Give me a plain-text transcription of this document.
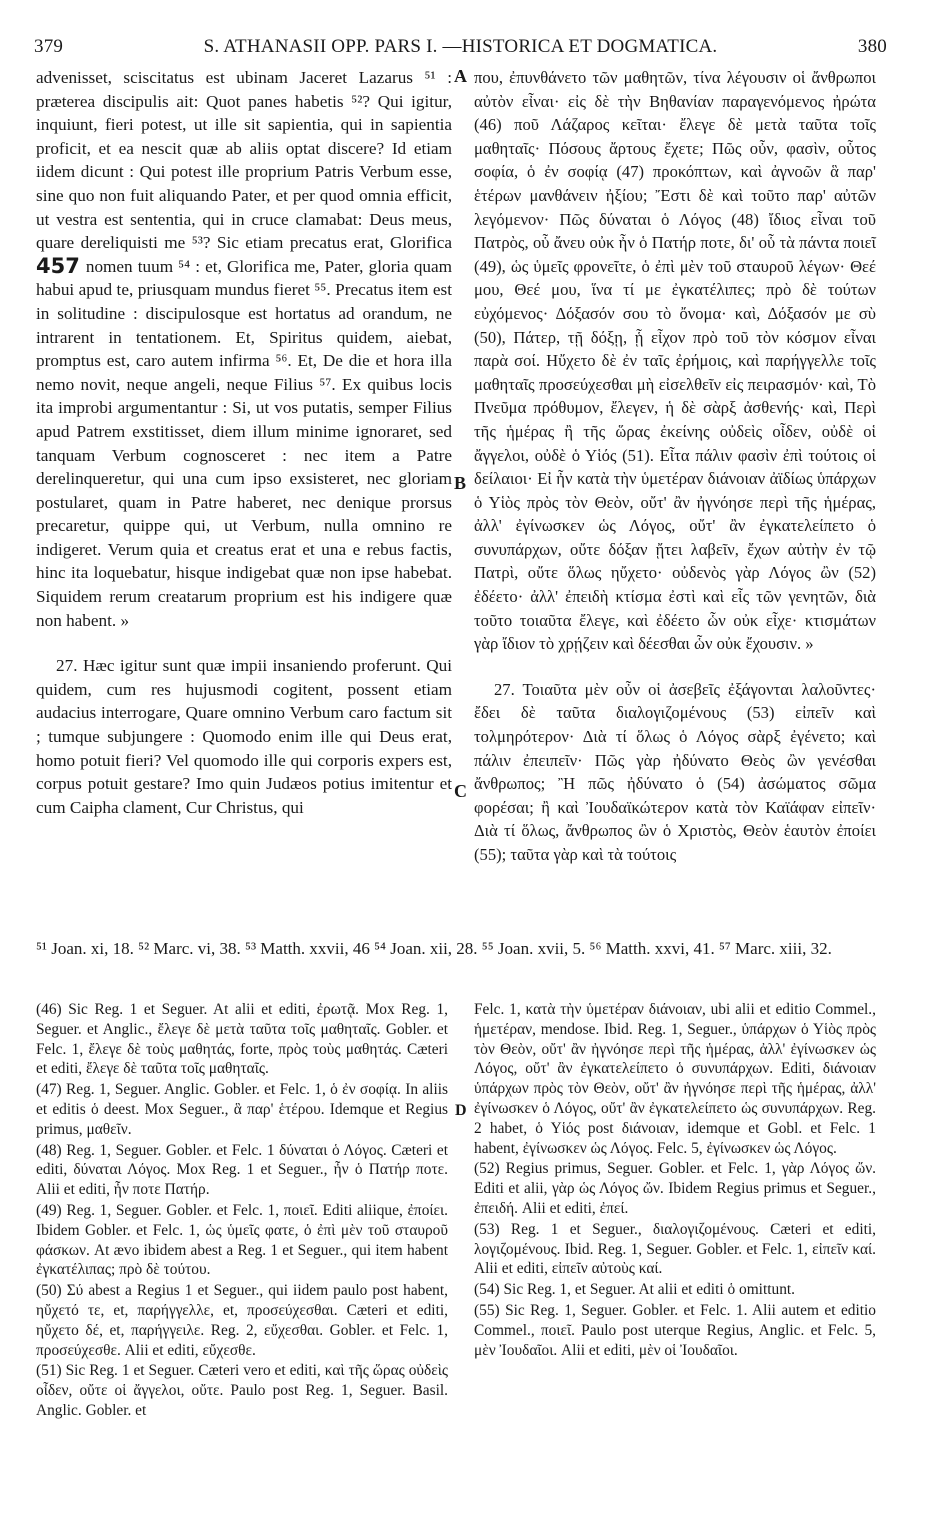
379	S. ATHANASII OPP. PARS I. —HISTORICA ET DOGMATICA.	380

advenisset, sciscitatus est ubinam Jaceret Lazarus ⁵¹ : præterea discipulis ait: Quot panes habetis ⁵²? Qui igitur, inquiunt, fieri potest, ut ille sit sapientia, qui in sapientia proficit, et ea nescit quæ ab aliis optat discere? Id etiam iidem dicunt : Qui potest ille proprium Patris Verbum esse, sine quo non fuit aliquando Pater, et per quod omnia efficit, ut vestra est sententia, qui in cruce clamabat: Deus meus, quare dereliquisti me ⁵³? Sic etiam precatus erat, Glorifica nomen tuum ⁵⁴ : et, Glorifica me, Pater,
457	gloria quam habui apud te, priusquam mundus fieret ⁵⁵. Precatus item est in solitudine : discipulosque est hortatus ad orandum, ne intrarent in tentationem. Et, Spiritus quidem, aiebat, promptus est, caro autem infirma ⁵⁶. Et, De die et hora illa nemo novit, neque angeli, neque Filius ⁵⁷. Ex quibus locis ita improbi argumentantur : Si, ut vos putatis, semper Filius apud Patrem exstitisset, diem illum minime ignoraret, sed tanquam Verbum cognosceret : nec item a Patre derelinqueretur, qui una cum ipso exsisteret, nec gloriam postularet, quam in Patre haberet, nec denique prorsus precaretur, quippe qui, ut Verbum, nulla omnino re indigeret. Verum quia et creatus erat et una e rebus factis, hinc ita loquebatur, hisque indigebat quæ non ipse habebat. Siquidem rerum creatarum proprium est his indigere quæ non habent. »

27. Hæc igitur sunt quæ impii insaniendo proferunt. Qui quidem, cum res hujusmodi cogitent, possent etiam audacius interrogare, Quare omnino Verbum caro factum sit ; tumque subjungere : Quomodo enim ille qui Deus erat, homo potuit fieri? Vel quomodo ille qui corporis expers est, corpus potuit gestare? Imo quin Judæos potius imitentur et cum Caipha clament, Cur Christus, qui

A
B
C
D

που, ἐπυνθάνετο τῶν μαθητῶν, τίνα λέγουσιν οἱ ἄνθρωποι αὐτὸν εἶναι· εἰς δὲ τὴν Βηθανίαν παραγενόμενος ἠρώτα (46) ποῦ Λάζαρος κεῖται· ἔλεγε δὲ μετὰ ταῦτα τοῖς μαθηταῖς· Πόσους ἄρτους ἔχετε; Πῶς οὖν, φασὶν, οὗτος σοφία, ὁ ἐν σοφίᾳ (47) προκόπτων, καὶ ἀγνοῶν ἃ παρ' ἑτέρων μανθάνειν ἠξίου; Ἔστι δὲ καὶ τοῦτο παρ' αὐτῶν λεγόμενον· Πῶς δύναται ὁ Λόγος (48) ἴδιος εἶναι τοῦ Πατρὸς, οὗ ἄνευ οὐκ ἦν ὁ Πατήρ ποτε, δι' οὗ τὰ πάντα ποιεῖ (49), ὡς ὑμεῖς φρονεῖτε, ὁ ἐπὶ μὲν τοῦ σταυροῦ λέγων· Θεέ μου, Θεέ μου, ἵνα τί με ἐγκατέλιπες; πρὸ δὲ τούτων εὐχόμενος· Δόξασόν σου τὸ ὄνομα· καὶ, Δόξασόν με σὺ (50), Πάτερ, τῇ δόξῃ, ᾗ εἶχον πρὸ τοῦ τὸν κόσμον εἶναι παρὰ σοί. Ηὔχετο δὲ ἐν ταῖς ἐρήμοις, καὶ παρήγγελλε τοῖς μαθηταῖς προσεύχεσθαι μὴ εἰσελθεῖν εἰς πειρασμόν· καὶ, Τὸ Πνεῦμα πρόθυμον, ἔλεγεν, ἡ δὲ σὰρξ ἀσθενής· καὶ, Περὶ τῆς ἡμέρας ἢ τῆς ὥρας ἐκείνης οὐδεὶς οἶδεν, οὐδὲ οἱ ἄγγελοι, οὐδὲ ὁ Υἱός (51). Εἶτα πάλιν φασὶν ἐπὶ τούτοις οἱ δείλαιοι· Εἰ ἦν κατὰ τὴν ὑμετέραν διάνοιαν ἀϊδίως ὑπάρχων ὁ Υἱὸς πρὸς τὸν Θεὸν, οὔτ' ἂν ἠγνόησε περὶ τῆς ἡμέρας, ἀλλ' ἐγίνωσκεν ὡς Λόγος, οὔτ' ἂν ἐγκατελείπετο ὁ συνυπάρχων, οὔτε δόξαν ᾔτει λαβεῖν, ἔχων αὐτὴν ἐν τῷ Πατρὶ, οὔτε ὅλως ηὔχετο· οὐδενὸς γὰρ Λόγος ὢν (52) ἐδέετο· ἀλλ' ἐπειδὴ κτίσμα ἐστὶ καὶ εἷς τῶν γενητῶν, διὰ τοῦτο τοιαῦτα ἔλεγε, καὶ ἐδέετο ὧν οὐκ εἶχε· κτισμάτων γὰρ ἴδιον τὸ χρῄζειν καὶ δέεσθαι ὧν οὐκ ἔχουσιν. »

27. Τοιαῦτα μὲν οὖν οἱ ἀσεβεῖς ἐξάγονται λαλοῦντες· ἔδει δὲ ταῦτα διαλογιζομένους (53) εἰπεῖν καὶ τολμηρότερον· Διὰ τί ὅλως ὁ Λόγος σὰρξ ἐγένετο; καὶ πάλιν ἐπειπεῖν· Πῶς γὰρ ἠδύνατο Θεὸς ὢν γενέσθαι ἄνθρωπος; Ἢ πῶς ἠδύνατο ὁ (54) ἀσώματος σῶμα φορέσαι; ἢ καὶ Ἰουδαϊκώτερον κατὰ τὸν Καϊάφαν εἰπεῖν· Διὰ τί ὅλως, ἄνθρωπος ὢν ὁ Χριστὸς, Θεὸν ἑαυτὸν ἐποίει (55); ταῦτα γὰρ καὶ τὰ τούτοις

⁵¹ Joan. xi, 18. ⁵² Marc. vi, 38. ⁵³ Matth. xxvii, 46 ⁵⁴ Joan. xii, 28. ⁵⁵ Joan. xvii, 5. ⁵⁶ Matth. xxvi, 41. ⁵⁷ Marc. xiii, 32.

(46) Sic Reg. 1 et Seguer. At alii et editi, ἐρωτᾷ. Mox Reg. 1, Seguer. et Anglic., ἔλεγε δὲ μετὰ ταῦτα τοῖς μαθηταῖς. Gobler. et Felc. 1, ἔλεγε δὲ τοὺς μαθητάς, forte, πρὸς τοὺς μαθητάς. Cæteri et editi, ἔλεγε δὲ ταῦτα τοῖς μαθηταῖς.

(47) Reg. 1, Seguer. Anglic. Gobler. et Felc. 1, ὁ ἐν σοφίᾳ. In aliis et editis ὁ deest. Mox Seguer., ἃ παρ' ἑτέρου. Idemque et Regius primus, μαθεῖν.

(48) Reg. 1, Seguer. Gobler. et Felc. 1 δύναται ὁ Λόγος. Cæteri et editi, δύναται Λόγος. Mox Reg. 1 et Seguer., ἦν ὁ Πατήρ ποτε. Alii et editi, ἦν ποτε Πατήρ.

(49) Reg. 1, Seguer. Gobler. et Felc. 1, ποιεῖ. Editi aliique, ἐποίει. Ibidem Gobler. et Felc. 1, ὡς ὑμεῖς φατε, ὁ ἐπὶ μὲν τοῦ σταυροῦ φάσκων. At ævo ibidem abest a Reg. 1 et Seguer., qui item habent ἐγκατέλιπας; πρὸ δὲ τούτου.

(50) Σύ abest a Regius 1 et Seguer., qui iidem paulo post habent, ηὔχετό τε, et, παρήγγελλε, et, προσεύχεσθαι. Cæteri et editi, ηὔχετο δέ, et, παρήγγειλε. Reg. 2, εὔχεσθαι. Gobler. et Felc. 1, προσεύχεσθε. Alii et editi, εὔχεσθε.

(51) Sic Reg. 1 et Seguer. Cæteri vero et editi, καὶ τῆς ὥρας οὐδεὶς οἶδεν, οὔτε οἱ ἄγγελοι, οὔτε. Paulo post Reg. 1, Seguer. Basil. Anglic. Gobler. et

Felc. 1, κατὰ τὴν ὑμετέραν διάνοιαν, ubi alii et editio Commel., ἡμετέραν, mendose. Ibid. Reg. 1, Seguer., ὑπάρχων ὁ Υἱὸς πρὸς τὸν Θεὸν, οὔτ' ἂν ἠγνόησε περὶ τῆς ἡμέρας, ἀλλ' ἐγίνωσκεν ὡς Λόγος, οὔτ' ἂν ἐγκατελείπετο ὁ συνυπάρχων. Editi, διάνοιαν ὑπάρχων πρὸς τὸν Θεὸν, οὔτ' ἂν ἠγνόησε περὶ τῆς ἡμέρας, ἀλλ' ἐγίνωσκεν ὁ Λόγος, οὔτ' ἂν ἐγκατελείπετο ὡς συνυπάρχων. Reg. 2 habet, ὁ Υἱός post διάνοιαν, idemque et Gobl. et Felc. 1 habent, ἐγίνωσκεν ὡς Λόγος. Felc. 5, ἐγίνωσκεν ὡς Λόγος.

(52) Regius primus, Seguer. Gobler. et Felc. 1, γὰρ Λόγος ὤν. Editi et alii, γὰρ ὡς Λόγος ὤν. Ibidem Regius primus et Seguer., ἐπειδή. Alii et editi, ἐπεί.

(53) Reg. 1 et Seguer., διαλογιζομένους. Cæteri et editi, λογιζομένους. Ibid. Reg. 1, Seguer. Gobler. et Felc. 1, εἰπεῖν καί. Alii et editi, εἰπεῖν αὐτοὺς καί.

(54) Sic Reg. 1, et Seguer. At alii et editi ὁ omittunt.

(55) Sic Reg. 1, Seguer. Gobler. et Felc. 1. Alii autem et editio Commel., ποιεῖ. Paulo post uterque Regius, Anglic. et Felc. 5, μὲν Ἰουδαῖοι. Alii et editi, μὲν οἱ Ἰουδαῖοι.
